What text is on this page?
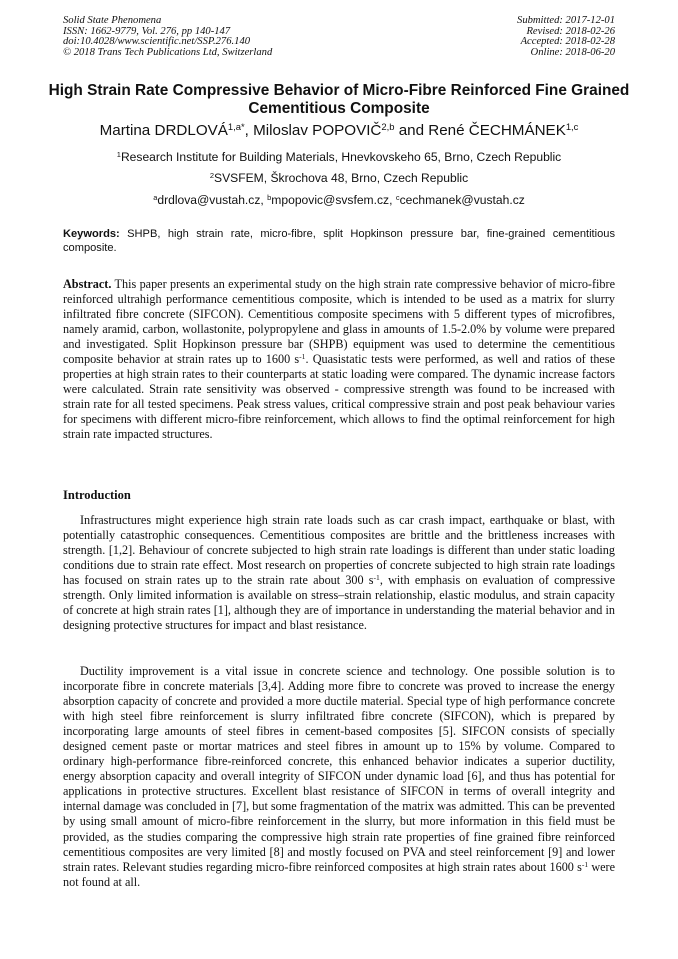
Solid State Phenomena
ISSN: 1662-9779, Vol. 276, pp 140-147
doi:10.4028/www.scientific.net/SSP.276.140
© 2018 Trans Tech Publications Ltd, Switzerland
Submitted: 2017-12-01
Revised: 2018-02-26
Accepted: 2018-02-28
Online: 2018-06-20
High Strain Rate Compressive Behavior of Micro-Fibre Reinforced Fine Grained Cementitious Composite
Martina $DRDLOVÁ^{1,a*}$, Miloslav POPOVIČ$^{2,b}$ and René ČECHMÁNEK$^{1,c}$
$^1$Research Institute for Building Materials, Hnevkovskeho 65, Brno, Czech Republic
$^2$SVSFEM, Škrochova 48, Brno, Czech Republic
$^a$drdlova@vustah.cz, $^b$mpopovic@svsfem.cz, $^c$cechmanek@vustah.cz
Keywords: SHPB, high strain rate, micro-fibre, split Hopkinson pressure bar, fine-grained cementitious composite.
Abstract. This paper presents an experimental study on the high strain rate compressive behavior of micro-fibre reinforced ultrahigh performance cementitious composite, which is intended to be used as a matrix for slurry infiltrated fibre concrete (SIFCON). Cementitious composite specimens with 5 different types of microfibres, namely aramid, carbon, wollastonite, polypropylene and glass in amounts of 1.5-2.0% by volume were prepared and investigated. Split Hopkinson pressure bar (SHPB) equipment was used to determine the cementitious composite behavior at strain rates up to 1600 $s^{-1}$. Quasistatic tests were performed, as well and ratios of these properties at high strain rates to their counterparts at static loading were compared. The dynamic increase factors were calculated. Strain rate sensitivity was observed - compressive strength was found to be increased with strain rate for all tested specimens. Peak stress values, critical compressive strain and post peak behaviour varies for specimens with different micro-fibre reinforcement, which allows to find the optimal reinforcement for high strain rate impacted structures.
Introduction
Infrastructures might experience high strain rate loads such as car crash impact, earthquake or blast, with potentially catastrophic consequences. Cementitious composites are brittle and the brittleness increases with strength. [1,2]. Behaviour of concrete subjected to high strain rate loadings is different than under static loading conditions due to strain rate effect. Most research on properties of concrete subjected to high strain rate loadings has focused on strain rates up to the strain rate about 300 $s^{-1}$, with emphasis on evaluation of compressive strength. Only limited information is available on stress–strain relationship, elastic modulus, and strain capacity of concrete at high strain rates [1], although they are of importance in understanding the material behavior and in designing protective structures for impact and blast resistance.
Ductility improvement is a vital issue in concrete science and technology. One possible solution is to incorporate fibre in concrete materials [3,4]. Adding more fibre to concrete was proved to increase the energy absorption capacity of concrete and provided a more ductile material. Special type of high performance concrete with high steel fibre reinforcement is slurry infiltrated fibre concrete (SIFCON), which is prepared by incorporating large amounts of steel fibres in cement-based composites [5]. SIFCON consists of specially designed cement paste or mortar matrices and steel fibres in amount up to 15% by volume. Compared to ordinary high-performance fibre-reinforced concrete, this enhanced behavior indicates a superior ductility, energy absorption capacity and overall integrity of SIFCON under dynamic load [6], and thus has potential for applications in protective structures. Excellent blast resistance of SIFCON in terms of overall integrity and internal damage was concluded in [7], but some fragmentation of the matrix was admitted. This can be prevented by using small amount of micro-fibre reinforcement in the slurry, but more information in this field must be provided, as the studies comparing the compressive high strain rate properties of fine grained fibre reinforced cementitious composites are very limited [8] and mostly focused on PVA and steel reinforcement [9] and lower strain rates. Relevant studies regarding micro-fibre reinforced composites at high strain rates about 1600 $s^{-1}$ were not found at all.
